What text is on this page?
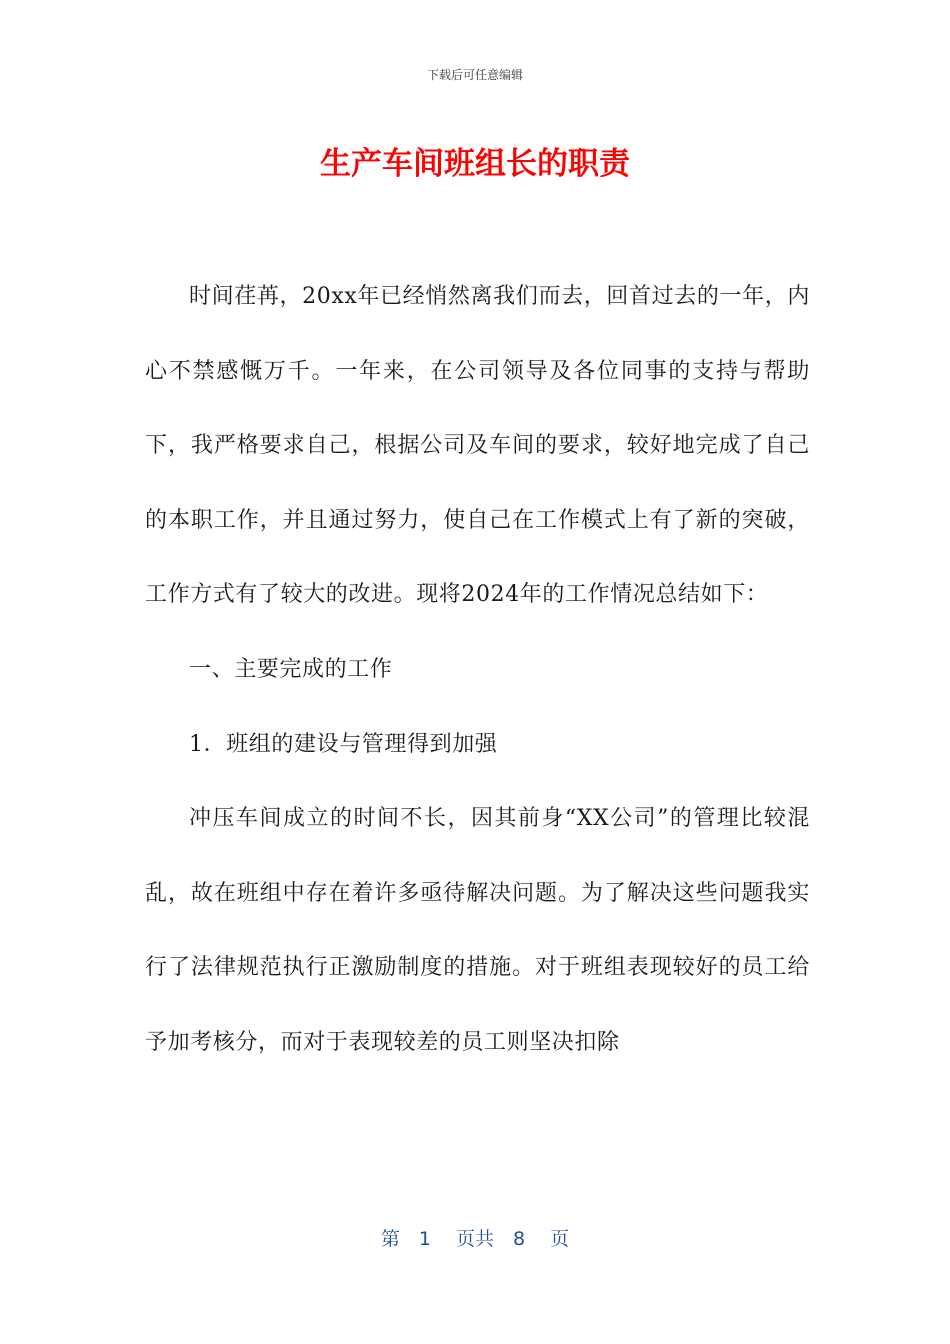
下载后可任意编辑
生产车间班组长的职责

时间荏苒，20xx年已经悄然离我们而去，回首过去的一年，内心不禁感慨万千。一年来，在公司领导及各位同事的支持与帮助下，我严格要求自己，根据公司及车间的要求，较好地完成了自己的本职工作，并且通过努力，使自己在工作模式上有了新的突破，工作方式有了较大的改进。现将2024年的工作情况总结如下：

一、主要完成的工作

1．班组的建设与管理得到加强

冲压车间成立的时间不长，因其前身“XX公司”的管理比较混乱，故在班组中存在着许多亟待解决问题。为了解决这些问题我实行了法律规范执行正激励制度的措施。对于班组表现较好的员工给予加考核分，而对于表现较差的员工则坚决扣除

第　1　 页共　8　 页
